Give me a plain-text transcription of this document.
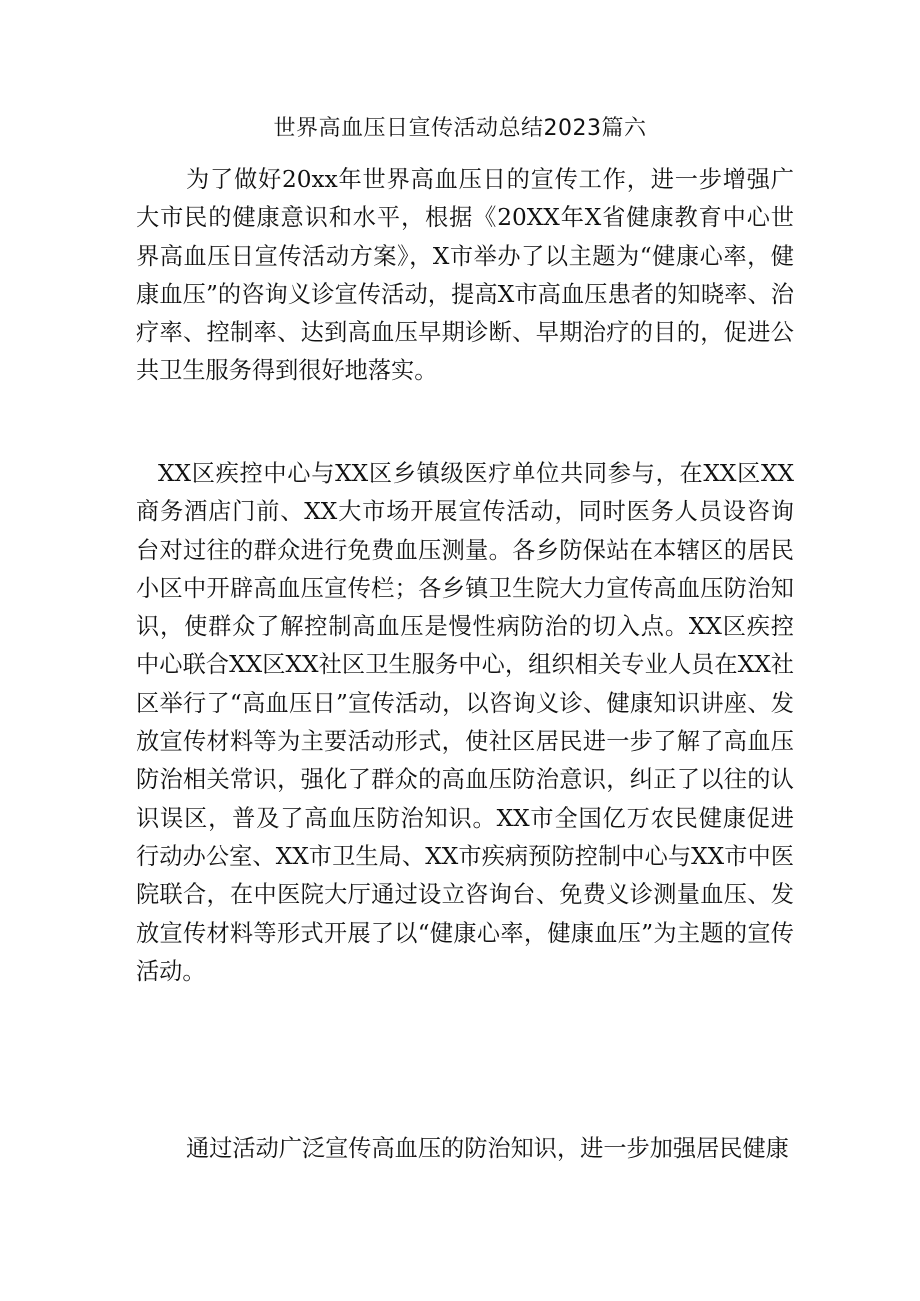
世界高血压日宣传活动总结2023篇六

为了做好20xx年世界高血压日的宣传工作，进一步增强广大市民的健康意识和水平，根据《20XX年X省健康教育中心世界高血压日宣传活动方案》，X市举办了以主题为“健康心率，健康血压”的咨询义诊宣传活动，提高X市高血压患者的知晓率、治疗率、控制率、达到高血压早期诊断、早期治疗的目的，促进公共卫生服务得到很好地落实。

XX区疾控中心与XX区乡镇级医疗单位共同参与，在XX区XX商务酒店门前、XX大市场开展宣传活动，同时医务人员设咨询台对过往的群众进行免费血压测量。各乡防保站在本辖区的居民小区中开辟高血压宣传栏；各乡镇卫生院大力宣传高血压防治知识，使群众了解控制高血压是慢性病防治的切入点。XX区疾控中心联合XX区XX社区卫生服务中心，组织相关专业人员在XX社区举行了“高血压日”宣传活动，以咨询义诊、健康知识讲座、发放宣传材料等为主要活动形式，使社区居民进一步了解了高血压防治相关常识，强化了群众的高血压防治意识，纠正了以往的认识误区，普及了高血压防治知识。XX市全国亿万农民健康促进行动办公室、XX市卫生局、XX市疾病预防控制中心与XX市中医院联合，在中医院大厅通过设立咨询台、免费义诊测量血压、发放宣传材料等形式开展了以“健康心率，健康血压”为主题的宣传活动。

通过活动广泛宣传高血压的防治知识，进一步加强居民健康
